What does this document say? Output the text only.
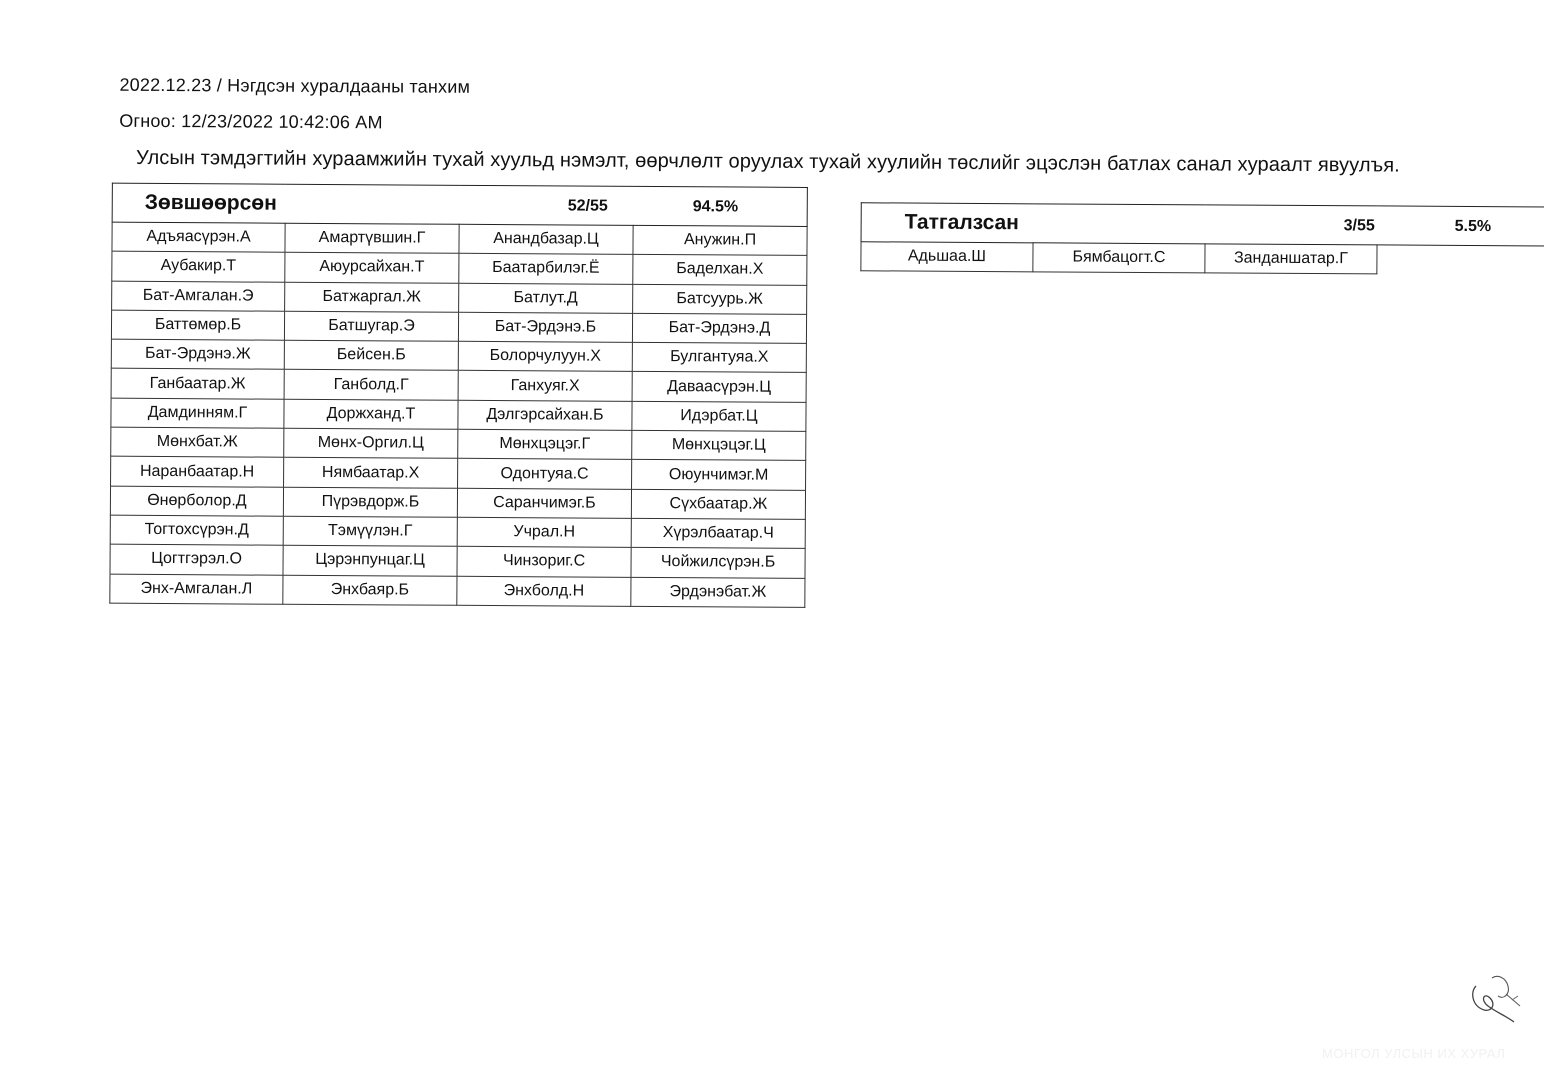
2022.12.23 / Нэгдсэн хуралдааны танхим
Огноо: 12/23/2022 10:42:06 AM
Улсын тэмдэгтийн хураамжийн тухай хуульд нэмэлт, өөрчлөлт оруулах тухай хуулийн төслийг эцэслэн батлах санал хураалт явуулъя.
Зөвшөөрсөн 52/55 94.5%			

Адъяасүрэн.А	Амартүвшин.Г	Анандбазар.Ц	Анужин.П
Аубакир.Т	Аюурсайхан.Т	Баатарбилэг.Ё	Баделхан.Х
Бат-Амгалан.Э	Батжаргал.Ж	Батлут.Д	Батсуурь.Ж
Баттөмөр.Б	Батшугар.Э	Бат-Эрдэнэ.Б	Бат-Эрдэнэ.Д
Бат-Эрдэнэ.Ж	Бейсен.Б	Болорчулуун.Х	Булгантуяа.Х
Ганбаатар.Ж	Ганболд.Г	Ганхуяг.Х	Даваасүрэн.Ц
Дамдинням.Г	Доржханд.Т	Дэлгэрсайхан.Б	Идэрбат.Ц
Мөнхбат.Ж	Мөнх-Оргил.Ц	Мөнхцэцэг.Г	Мөнхцэцэг.Ц
Наранбаатар.Н	Нямбаатар.Х	Одонтуяа.С	Оюунчимэг.М
Өнөрболор.Д	Пүрэвдорж.Б	Саранчимэг.Б	Сүхбаатар.Ж
Тогтохсүрэн.Д	Тэмүүлэн.Г	Учрал.Н	Хүрэлбаатар.Ч
Цогтгэрэл.О	Цэрэнпунцаг.Ц	Чинзориг.С	Чойжилсүрэн.Б
Энх-Амгалан.Л	Энхбаяр.Б	Энхболд.Н	Эрдэнэбат.Ж
Татгалзсан	3/55	5.5%

Адьшаа.Ш	Бямбацогт.С	Занданшатар.Г	
МОНГОЛ УЛСЫН ИХ ХУРАЛ
